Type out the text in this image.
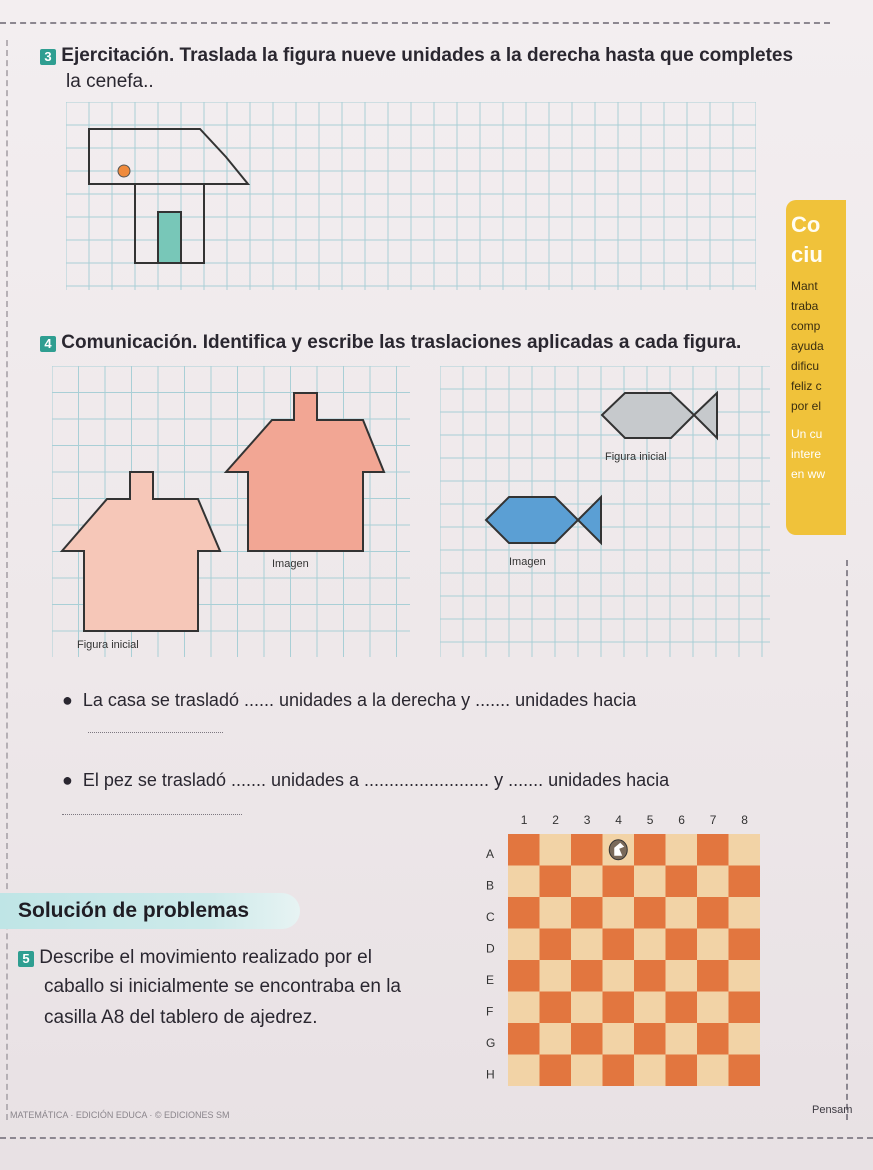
3 Ejercitación. Traslada la figura nueve unidades a la derecha hasta que completes
la cenefa..
Co
ciu
Mant
traba
comp
ayuda
dificu
feliz c
por el
Un cu
intere
en ww
4 Comunicación. Identifica y escribe las traslaciones aplicadas a cada figura.
Imagen
Figura inicial
Figura inicial
Imagen
●  La casa se trasladó ...... unidades a la derecha y ....... unidades hacia
●  El pez se trasladó ....... unidades a ......................... y ....... unidades hacia
Solución de problemas
5 Describe el movimiento realizado por el
caballo si inicialmente se encontraba en la
casilla A8 del tablero de ajedrez.
1 2 3 4 5 6 7 8
A
B
C
D
E
F
G
H
MATEMÁTICA · EDICIÓN EDUCA · © EDICIONES SM	Pensam
